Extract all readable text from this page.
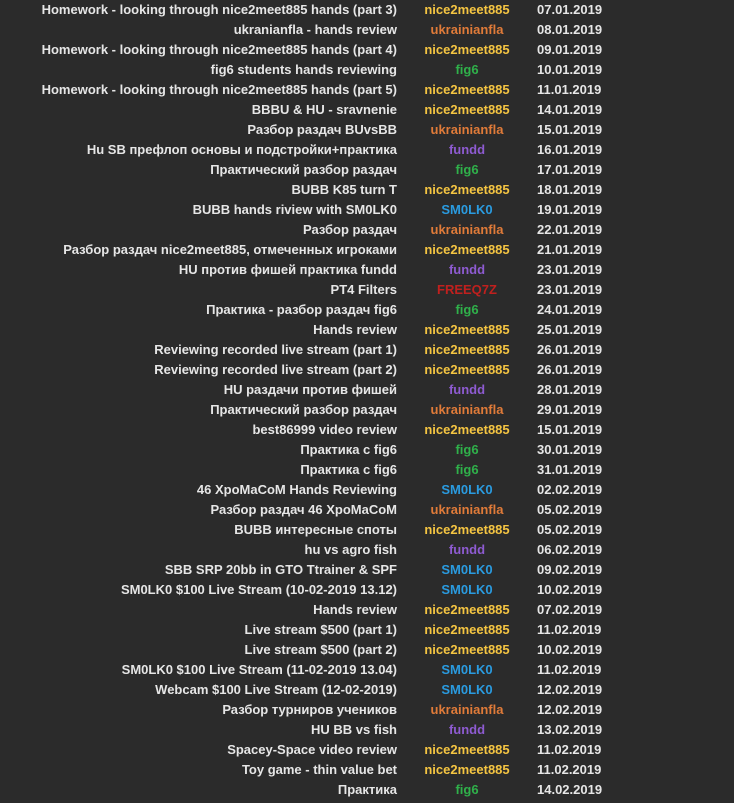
Homework - looking through nice2meet885 hands (part 3)	nice2meet885	07.01.2019
ukranianfla - hands review	ukrainianfla	08.01.2019
Homework - looking through nice2meet885 hands (part 4)	nice2meet885	09.01.2019
fig6 students hands reviewing	fig6	10.01.2019
Homework - looking through nice2meet885 hands (part 5)	nice2meet885	11.01.2019
BBBU & HU - sravnenie	nice2meet885	14.01.2019
Разбор раздач BUvsBB	ukrainianfla	15.01.2019
Hu SB префлоп основы и подстройки+практика	fundd	16.01.2019
Практический разбор раздач	fig6	17.01.2019
BUBB K85 turn T	nice2meet885	18.01.2019
BUBB hands riview with SM0LK0	SM0LK0	19.01.2019
Разбор раздач	ukrainianfla	22.01.2019
Разбор раздач nice2meet885, отмеченных игроками	nice2meet885	21.01.2019
HU против фишей практика fundd	fundd	23.01.2019
PT4 Filters	FREEQ7Z	23.01.2019
Практика - разбор раздач fig6	fig6	24.01.2019
Hands review	nice2meet885	25.01.2019
Reviewing recorded live stream (part 1)	nice2meet885	26.01.2019
Reviewing recorded live stream (part 2)	nice2meet885	26.01.2019
HU раздачи против фишей	fundd	28.01.2019
Практический разбор раздач	ukrainianfla	29.01.2019
best86999 video review	nice2meet885	15.01.2019
Практика с fig6	fig6	30.01.2019
Практика с fig6	fig6	31.01.2019
46 XpoMaCoM Hands Reviewing	SM0LK0	02.02.2019
Разбор раздач 46 XpoMaCoM	ukrainianfla	05.02.2019
BUBB интересные споты	nice2meet885	05.02.2019
hu vs agro fish	fundd	06.02.2019
SBB SRP 20bb in GTO Ttrainer & SPF	SM0LK0	09.02.2019
SM0LK0 $100 Live Stream (10-02-2019 13.12)	SM0LK0	10.02.2019
Hands review	nice2meet885	07.02.2019
Live stream $500 (part 1)	nice2meet885	11.02.2019
Live stream $500 (part 2)	nice2meet885	10.02.2019
SM0LK0 $100 Live Stream (11-02-2019 13.04)	SM0LK0	11.02.2019
Webcam $100 Live Stream (12-02-2019)	SM0LK0	12.02.2019
Разбор турниров учеников	ukrainianfla	12.02.2019
HU BB vs fish	fundd	13.02.2019
Spacey-Space video review	nice2meet885	11.02.2019
Toy game - thin value bet	nice2meet885	11.02.2019
Практика	fig6	14.02.2019
